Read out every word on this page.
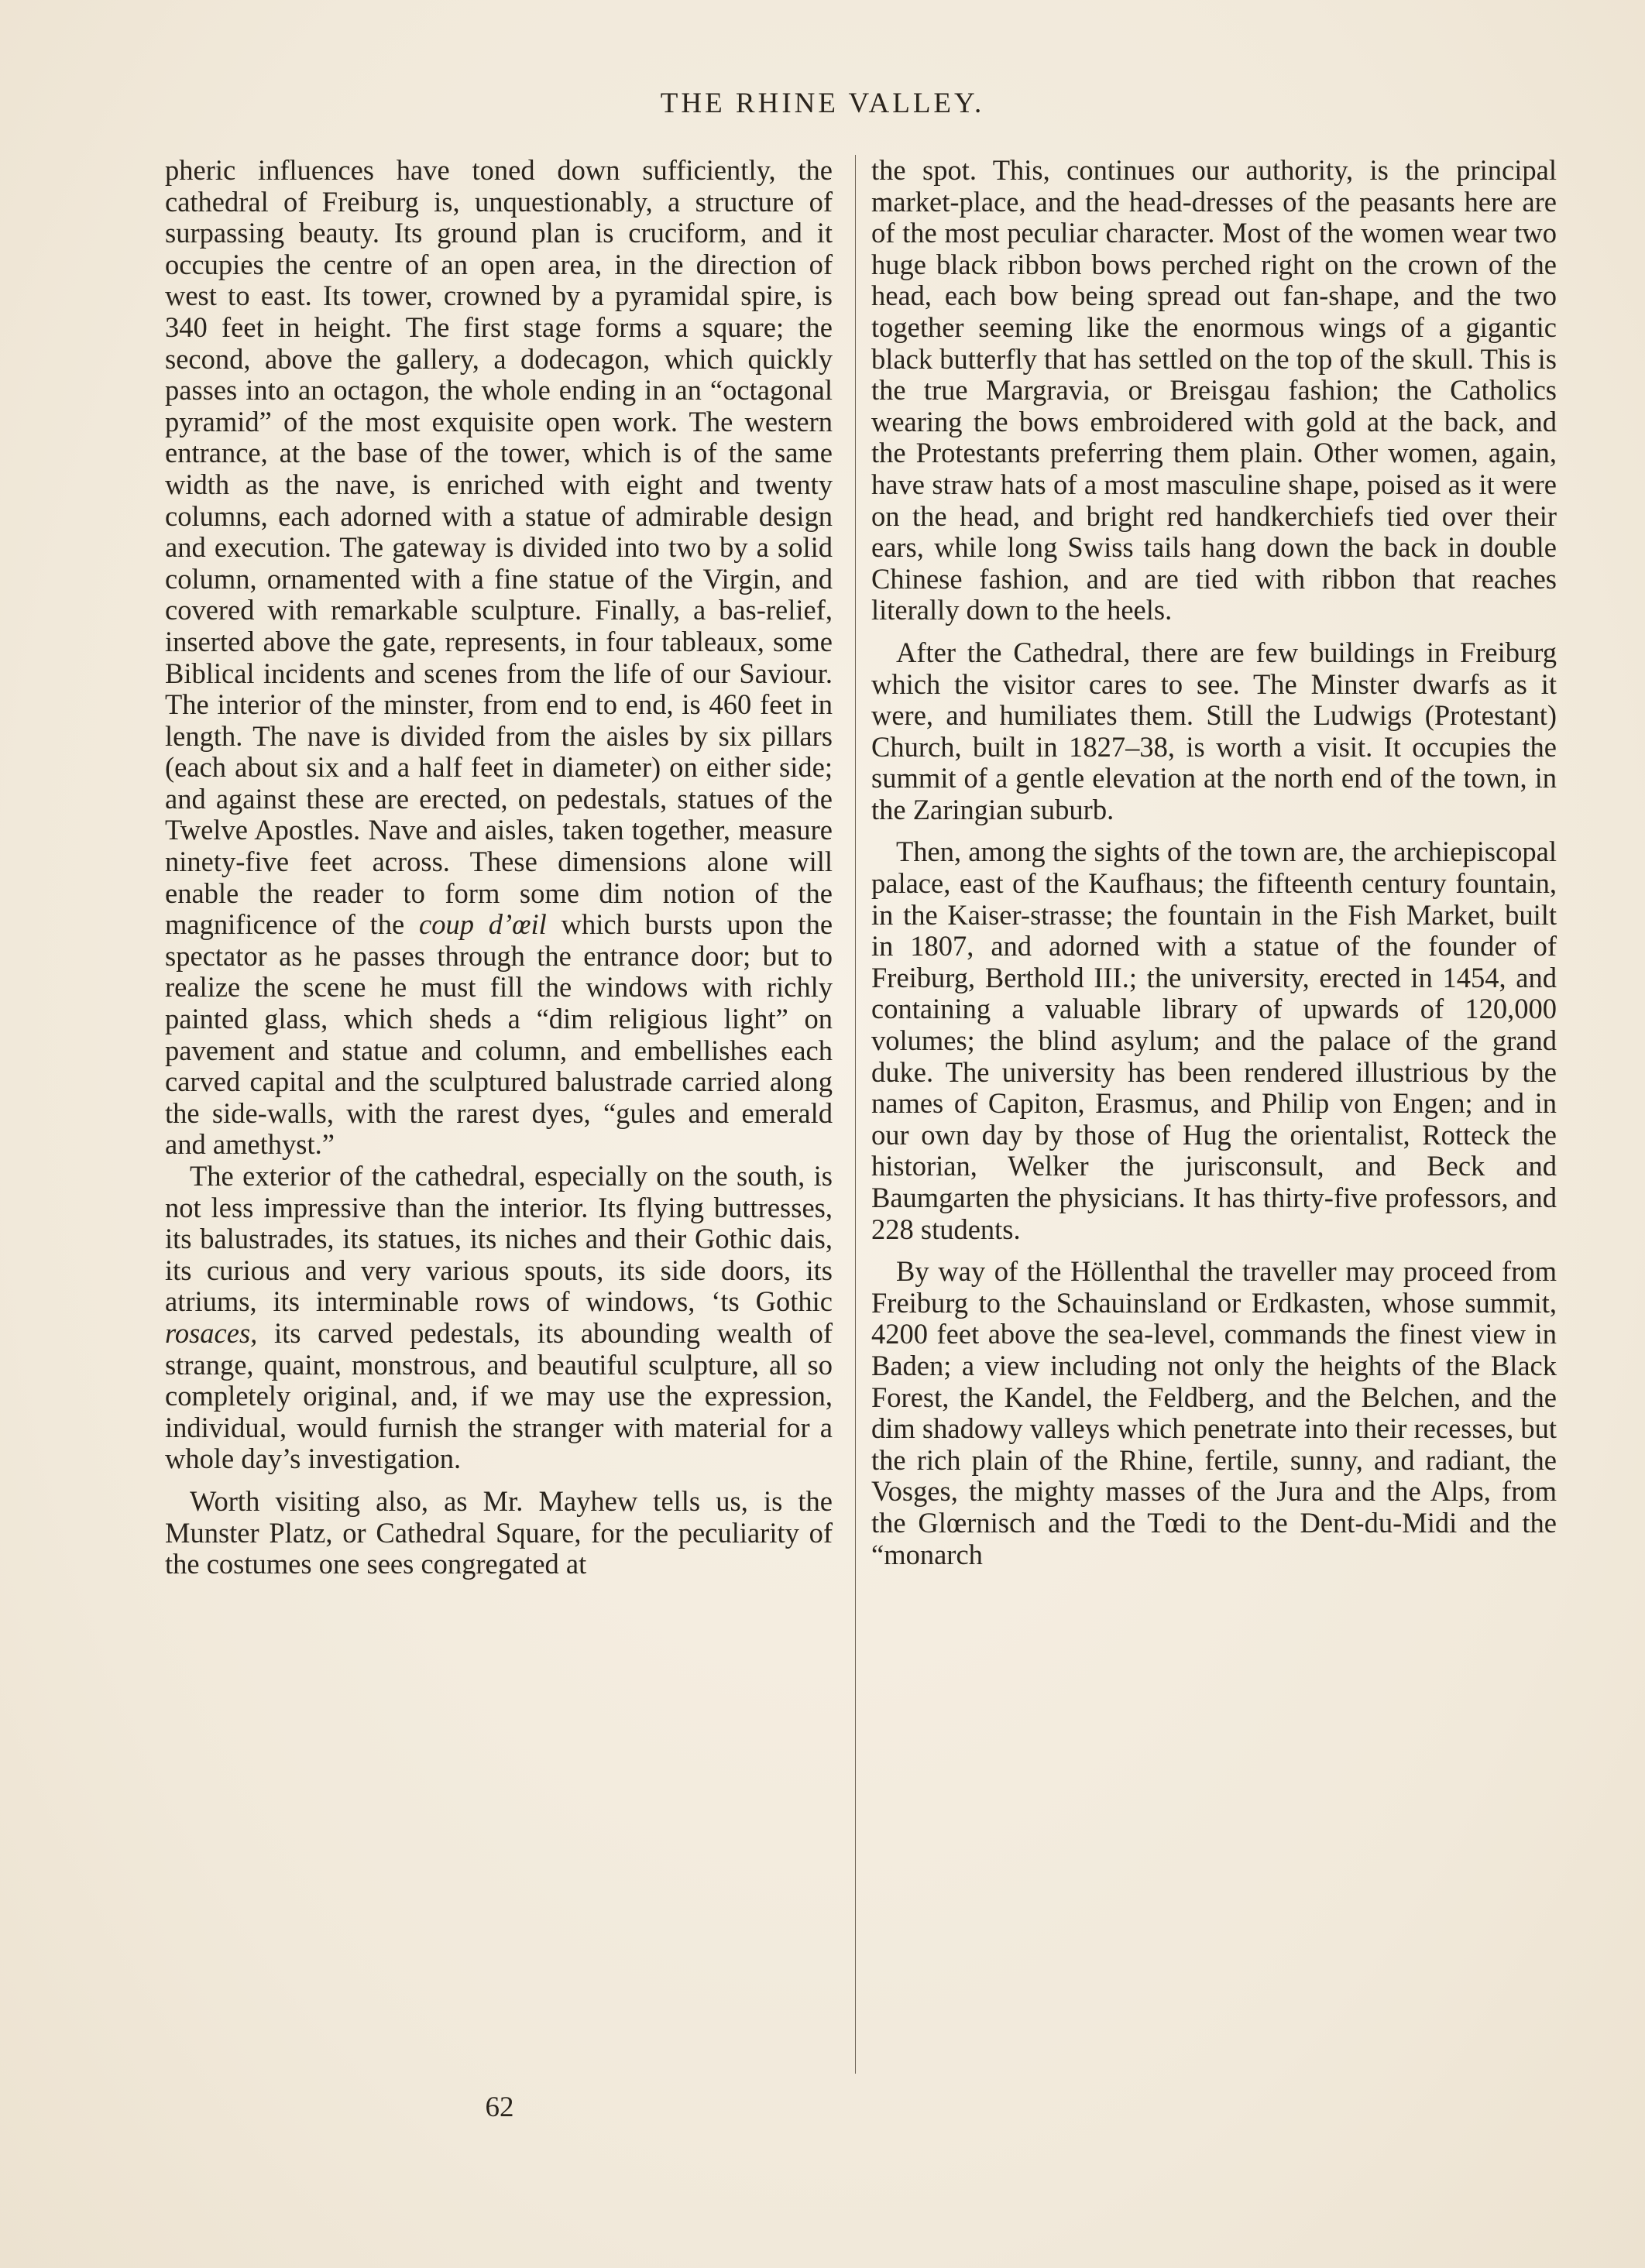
THE RHINE VALLEY.

pheric influences have toned down sufficiently, the cathedral of Freiburg is, unquestionably, a structure of surpassing beauty. Its ground plan is cruciform, and it occupies the centre of an open area, in the direction of west to east. Its tower, crowned by a pyramidal spire, is 340 feet in height. The first stage forms a square; the second, above the gallery, a dodecagon, which quickly passes into an octagon, the whole ending in an “octagonal pyramid” of the most exquisite open work. The western entrance, at the base of the tower, which is of the same width as the nave, is enriched with eight and twenty columns, each adorned with a statue of admirable design and execution. The gateway is divided into two by a solid column, ornamented with a fine statue of the Virgin, and covered with remarkable sculpture. Finally, a bas-relief, inserted above the gate, represents, in four tableaux, some Biblical incidents and scenes from the life of our Saviour. The interior of the minster, from end to end, is 460 feet in length. The nave is divided from the aisles by six pillars (each about six and a half feet in diameter) on either side; and against these are erected, on pedestals, statues of the Twelve Apostles. Nave and aisles, taken together, measure ninety-five feet across. These dimensions alone will enable the reader to form some dim notion of the magnificence of the coup d’œil which bursts upon the spectator as he passes through the entrance door; but to realize the scene he must fill the windows with richly painted glass, which sheds a “dim religious light” on pavement and statue and column, and embellishes each carved capital and the sculptured balustrade carried along the side-walls, with the rarest dyes, “gules and emerald and amethyst.”

The exterior of the cathedral, especially on the south, is not less impressive than the interior. Its flying buttresses, its balustrades, its statues, its niches and their Gothic dais, its curious and very various spouts, its side doors, its atriums, its interminable rows of windows, ‘ts Gothic rosaces, its carved pedestals, its abounding wealth of strange, quaint, monstrous, and beautiful sculpture, all so completely original, and, if we may use the expression, individual, would furnish the stranger with material for a whole day’s investigation.

Worth visiting also, as Mr. Mayhew tells us, is the Munster Platz, or Cathedral Square, for the peculiarity of the costumes one sees congregated at

the spot. This, continues our authority, is the principal market-place, and the head-dresses of the peasants here are of the most peculiar character. Most of the women wear two huge black ribbon bows perched right on the crown of the head, each bow being spread out fan-shape, and the two together seeming like the enormous wings of a gigantic black butterfly that has settled on the top of the skull. This is the true Margravia, or Breisgau fashion; the Catholics wearing the bows embroidered with gold at the back, and the Protestants preferring them plain. Other women, again, have straw hats of a most masculine shape, poised as it were on the head, and bright red handkerchiefs tied over their ears, while long Swiss tails hang down the back in double Chinese fashion, and are tied with ribbon that reaches literally down to the heels.

After the Cathedral, there are few buildings in Freiburg which the visitor cares to see. The Minster dwarfs as it were, and humiliates them. Still the Ludwigs (Protestant) Church, built in 1827–38, is worth a visit. It occupies the summit of a gentle elevation at the north end of the town, in the Zaringian suburb.

Then, among the sights of the town are, the archiepiscopal palace, east of the Kaufhaus; the fifteenth century fountain, in the Kaiser-strasse; the fountain in the Fish Market, built in 1807, and adorned with a statue of the founder of Freiburg, Berthold III.; the university, erected in 1454, and containing a valuable library of upwards of 120,000 volumes; the blind asylum; and the palace of the grand duke. The university has been rendered illustrious by the names of Capiton, Erasmus, and Philip von Engen; and in our own day by those of Hug the orientalist, Rotteck the historian, Welker the jurisconsult, and Beck and Baumgarten the physicians. It has thirty-five professors, and 228 students.

By way of the Höllenthal the traveller may proceed from Freiburg to the Schauinsland or Erdkasten, whose summit, 4200 feet above the sea-level, commands the finest view in Baden; a view including not only the heights of the Black Forest, the Kandel, the Feldberg, and the Belchen, and the dim shadowy valleys which penetrate into their recesses, but the rich plain of the Rhine, fertile, sunny, and radiant, the Vosges, the mighty masses of the Jura and the Alps, from the Glœrnisch and the Tœdi to the Dent-du-Midi and the “monarch

62
